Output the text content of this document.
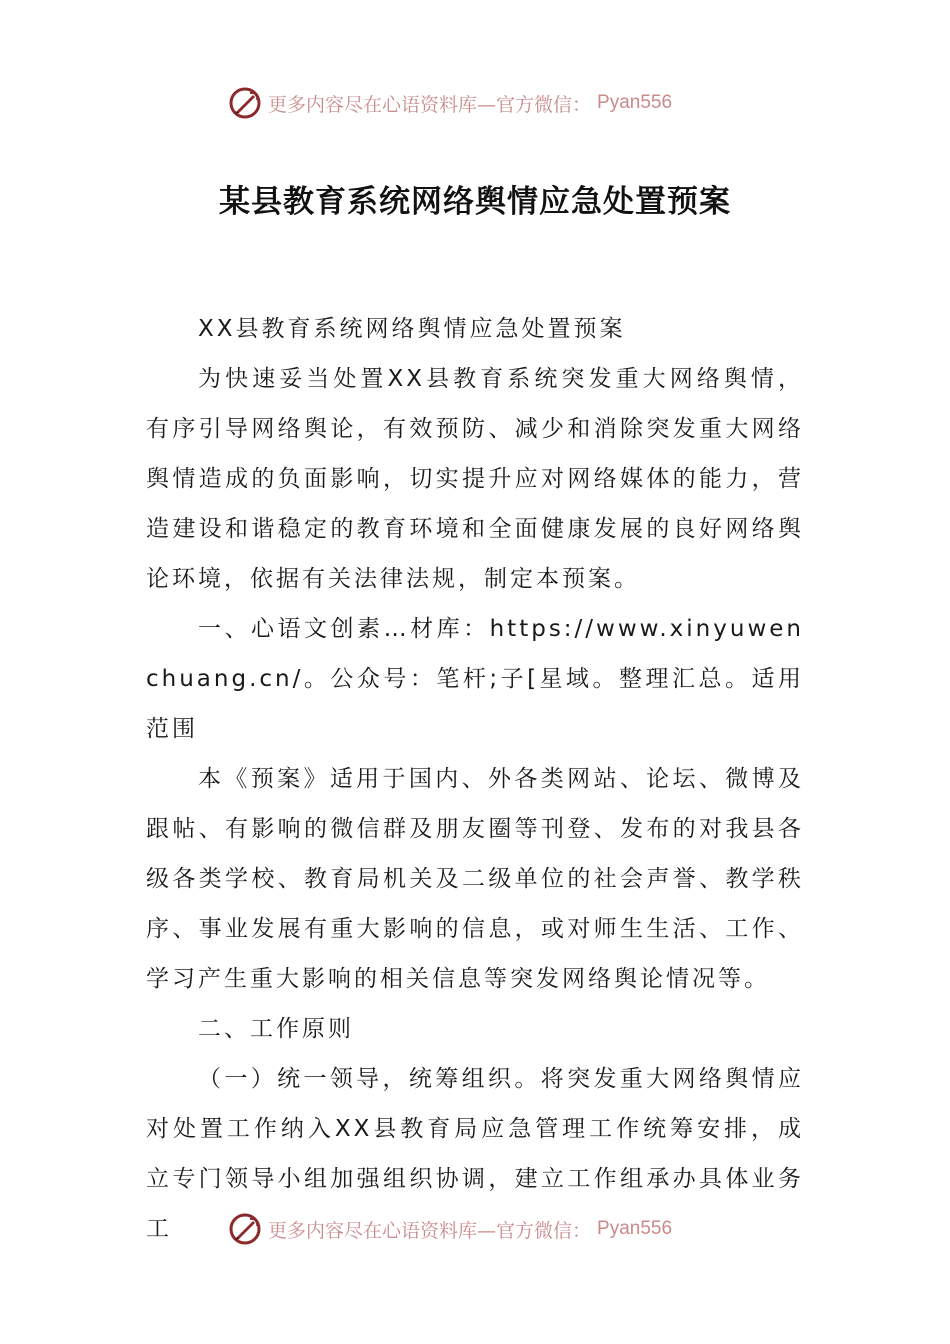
更多内容尽在心语资料库—官方微信： Pyan556
某县教育系统网络舆情应急处置预案

XX县教育系统网络舆情应急处置预案

为快速妥当处置XX县教育系统突发重大网络舆情，有序引导网络舆论，有效预防、减少和消除突发重大网络舆情造成的负面影响，切实提升应对网络媒体的能力，营造建设和谐稳定的教育环境和全面健康发展的良好网络舆论环境，依据有关法律法规，制定本预案。

一、心语文创素…材库：https://www.xinyuwenchuang.cn/。公众号：笔杆;子[星域。整理汇总。适用范围

本《预案》适用于国内、外各类网站、论坛、微博及跟帖、有影响的微信群及朋友圈等刊登、发布的对我县各级各类学校、教育局机关及二级单位的社会声誉、教学秩序、事业发展有重大影响的信息，或对师生生活、工作、学习产生重大影响的相关信息等突发网络舆论情况等。

二、工作原则

（一）统一领导，统筹组织。将突发重大网络舆情应对处置工作纳入XX县教育局应急管理工作统筹安排，成立专门领导小组加强组织协调，建立工作组承办具体业务工	更多内容尽在心语资料库—官方微信： Pyan556
